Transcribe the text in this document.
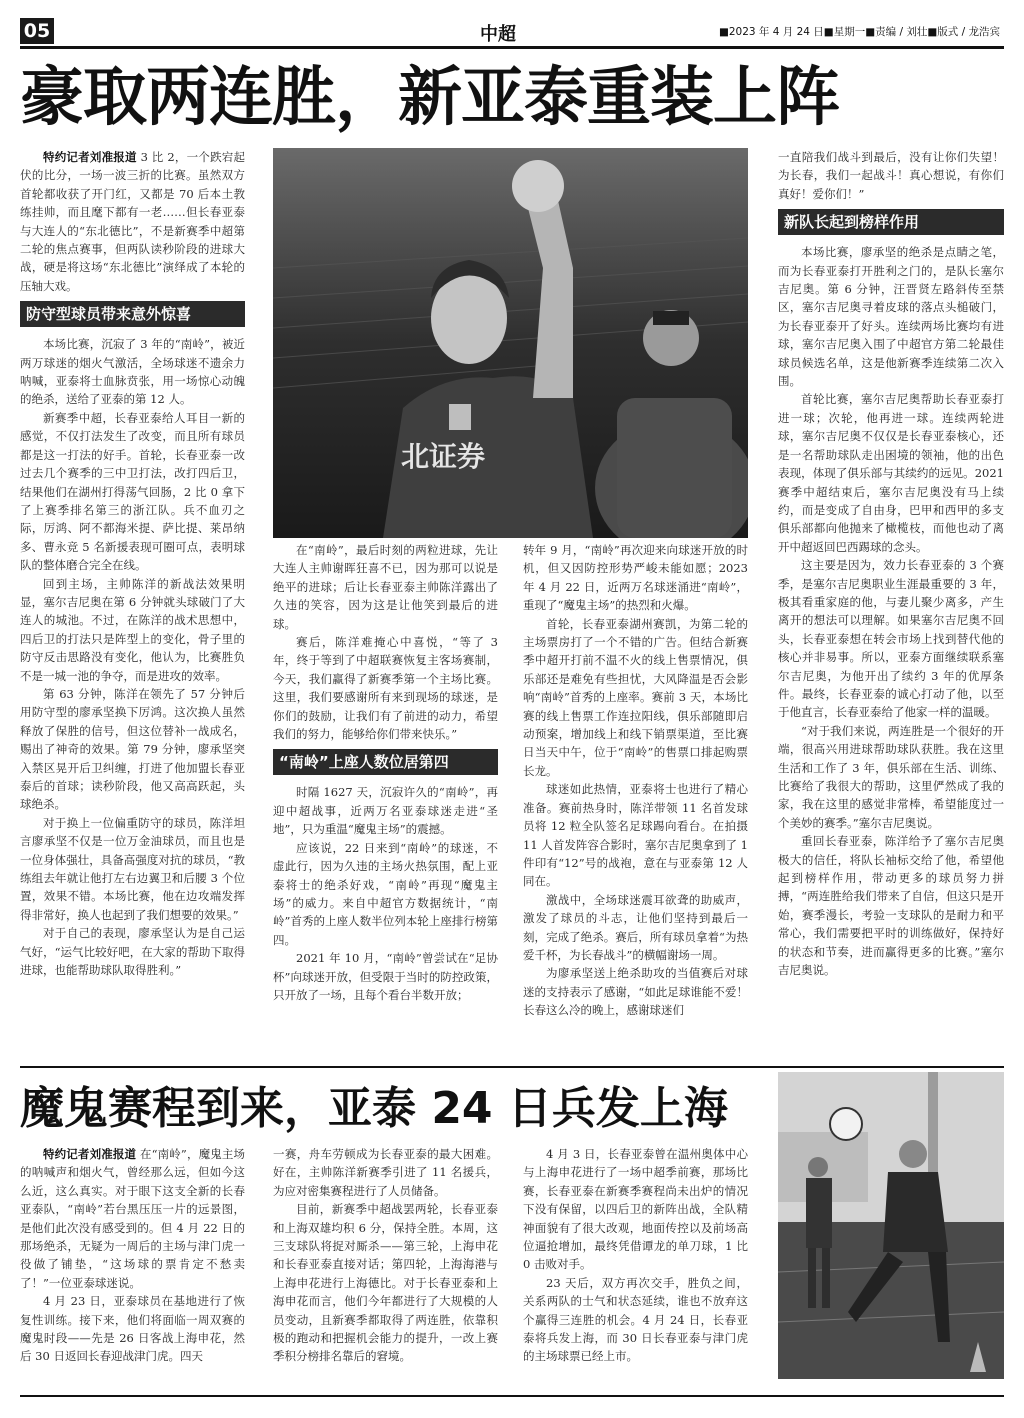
05	中超	■2023 年 4 月 24 日■星期一■责编 / 刘壮■版式 / 龙浩宾
豪取两连胜，新亚泰重装上阵

特约记者刘准报道 3 比 2，一个跌宕起伏的比分，一场一波三折的比赛。虽然双方首轮都收获了开门红，又都是 70 后本土教练挂帅，而且麾下都有一老……但长春亚泰与大连人的“东北德比”，不是新赛季中超第二轮的焦点赛事，但两队读秒阶段的进球大战，硬是将这场“东北德比”演绎成了本轮的压轴大戏。

防守型球员带来意外惊喜

本场比赛，沉寂了 3 年的“南岭”，被近两万球迷的烟火气激活，全场球迷不遗余力呐喊，亚泰将士血脉贲张，用一场惊心动魄的绝杀，送给了亚泰的第 12 人。

新赛季中超，长春亚泰给人耳目一新的感觉，不仅打法发生了改变，而且所有球员都是这一打法的好手。首轮，长春亚泰一改过去几个赛季的三中卫打法，改打四后卫，结果他们在湖州打得荡气回肠，2 比 0 拿下了上赛季排名第三的浙江队。兵不血刃之际，厉鸿、阿不都海米提、萨比提、莱昂纳多、曹永竞 5 名新援表现可圈可点，表明球队的整体磨合完全在线。

回到主场，主帅陈洋的新战法效果明显，塞尔吉尼奥在第 6 分钟就头球破门了大连人的城池。不过，在陈洋的战术思想中，四后卫的打法只是阵型上的变化，骨子里的防守反击思路没有变化，他认为，比赛胜负不是一城一池的争夺，而是进攻的效率。

第 63 分钟，陈洋在领先了 57 分钟后用防守型的廖承坚换下厉鸿。这次换人虽然释放了保胜的信号，但这位替补一战成名，赐出了神奇的效果。第 79 分钟，廖承坚突入禁区晃开后卫纠缠，打进了他加盟长春亚泰后的首球；读秒阶段，他又高高跃起，头球绝杀。

对于换上一位偏重防守的球员，陈洋坦言廖承坚不仅是一位万金油球员，而且也是一位身体强壮，具备高强度对抗的球员，“教练组去年就让他打左右边翼卫和后腰 3 个位置，效果不错。本场比赛，他在边攻端发挥得非常好，换人也起到了我们想要的效果。”

对于自己的表现，廖承坚认为是自己运气好，“运气比较好吧，在大家的帮助下取得进球，也能帮助球队取得胜利。”

北证券

在“南岭”，最后时刻的两粒进球，先让大连人主帅谢晖狂喜不已，因为那可以说是绝平的进球；后让长春亚泰主帅陈洋露出了久违的笑容，因为这是让他笑到最后的进球。

赛后，陈洋难掩心中喜悦，“等了 3 年，终于等到了中超联赛恢复主客场赛制，今天，我们赢得了新赛季第一个主场比赛。这里，我们要感谢所有来到现场的球迷，是你们的鼓励，让我们有了前进的动力，希望我们的努力，能够给你们带来快乐。”

“南岭”上座人数位居第四

时隔 1627 天，沉寂许久的“南岭”，再迎中超战事，近两万名亚泰球迷走进“圣地”，只为重温“魔鬼主场”的震撼。

应该说，22 日来到“南岭”的球迷，不虚此行，因为久违的主场火热氛围，配上亚泰将士的绝杀好戏，“南岭”再现“魔鬼主场”的威力。来自中超官方数据统计，“南岭”首秀的上座人数半位列本轮上座排行榜第四。

2021 年 10 月，“南岭”曾尝试在“足协杯”向球迷开放，但受限于当时的防控政策，只开放了一场，且每个看台半数开放；

转年 9 月，“南岭”再次迎来向球迷开放的时机，但又因防控形势严峻未能如愿；2023 年 4 月 22 日，近两万名球迷涌进“南岭”，重现了“魔鬼主场”的热烈和火爆。

首轮，长春亚泰湖州赛凯，为第二轮的主场票房打了一个不错的广告。但结合新赛季中超开打前不温不火的线上售票情况，俱乐部还是难免有些担忧，大风降温是否会影响“南岭”首秀的上座率。赛前 3 天，本场比赛的线上售票工作连拉阳线，俱乐部随即启动预案，增加线上和线下销票渠道，至比赛日当天中午，位于“南岭”的售票口排起购票长龙。

球迷如此热情，亚泰将士也进行了精心准备。赛前热身时，陈洋带领 11 名首发球员将 12 粒全队签名足球踢向看台。在拍摄 11 人首发阵容合影时，塞尔吉尼奥拿到了 1 件印有“12”号的战袍，意在与亚泰第 12 人同在。

激战中，全场球迷震耳欲聋的助威声，激发了球员的斗志，让他们坚持到最后一刻，完成了绝杀。赛后，所有球员拿着“为热爱千杯，为长春战斗”的横幅谢场一周。

为廖承坚送上绝杀助攻的当值赛后对球迷的支持表示了感谢，“如此足球谁能不爱！长春这么冷的晚上，感谢球迷们

一直陪我们战斗到最后，没有让你们失望！为长春，我们一起战斗！真心想说，有你们真好！爱你们！”

新队长起到榜样作用

本场比赛，廖承坚的绝杀是点睛之笔，而为长春亚泰打开胜利之门的，是队长塞尔吉尼奥。第 6 分钟，汪晋贤左路斜传至禁区，塞尔吉尼奥寻着皮球的落点头槌破门，为长春亚泰开了好头。连续两场比赛均有进球，塞尔吉尼奥入围了中超官方第二轮最佳球员候选名单，这是他新赛季连续第二次入围。

首轮比赛，塞尔吉尼奥帮助长春亚泰打进一球；次轮，他再进一球。连续两轮进球，塞尔吉尼奥不仅仅是长春亚泰核心，还是一名帮助球队走出困境的领袖，他的出色表现，体现了俱乐部与其续约的远见。2021 赛季中超结束后，塞尔吉尼奥没有马上续约，而是变成了自由身，巴甲和西甲的多支俱乐部都向他抛来了橄榄枝，而他也动了离开中超返回巴西踢球的念头。

这主要是因为，效力长春亚泰的 3 个赛季，是塞尔吉尼奥职业生涯最重要的 3 年，极其看重家庭的他，与妻儿聚少离多，产生离开的想法可以理解。如果塞尔吉尼奥不回头，长春亚泰想在转会市场上找到替代他的核心并非易事。所以，亚泰方面继续联系塞尔吉尼奥，为他开出了续约 3 年的优厚条件。最终，长春亚泰的诚心打动了他，以至于他直言，长春亚泰给了他家一样的温暖。

“对于我们来说，两连胜是一个很好的开端，很高兴用进球帮助球队获胜。我在这里生活和工作了 3 年，俱乐部在生活、训练、比赛给了我很大的帮助，这里俨然成了我的家，我在这里的感觉非常棒，希望能度过一个美妙的赛季。”塞尔吉尼奥说。

重回长春亚泰，陈洋给予了塞尔吉尼奥极大的信任，将队长袖标交给了他，希望他起到榜样作用，带动更多的球员努力拼搏，“两连胜给我们带来了自信，但这只是开始，赛季漫长，考验一支球队的是耐力和平常心，我们需要把平时的训练做好，保持好的状态和节奏，进而赢得更多的比赛。”塞尔吉尼奥说。

魔鬼赛程到来，亚泰 24 日兵发上海

特约记者刘准报道 在“南岭”，魔鬼主场的呐喊声和烟火气，曾经那么远，但如今这么近，这么真实。对于眼下这支全新的长春亚泰队，“南岭”若台黑压压一片的远景图，是他们此次没有感受到的。但 4 月 22 日的那场绝杀，无疑为一周后的主场与津门虎一役做了铺垫，“这场球的票肯定不愁卖了！”一位亚泰球迷说。

4 月 23 日，亚泰球员在基地进行了恢复性训练。接下来，他们将面临一周双赛的魔鬼时段——先是 26 日客战上海申花，然后 30 日返回长春迎战津门虎。四天

一赛，舟车劳顿成为长春亚泰的最大困难。好在，主帅陈洋新赛季引进了 11 名援兵，为应对密集赛程进行了人员储备。

目前，新赛季中超战罢两轮，长春亚泰和上海双雄均积 6 分，保持全胜。本周，这三支球队将捉对厮杀——第三轮，上海申花和长春亚泰直接对话；第四轮，上海海港与上海申花进行上海德比。对于长春亚泰和上海申花而言，他们今年都进行了大规模的人员变动，且新赛季都取得了两连胜，依靠积极的跑动和把握机会能力的提升，一改上赛季积分榜排名靠后的窘境。

4 月 3 日，长春亚泰曾在温州奥体中心与上海申花进行了一场中超季前赛，那场比赛，长春亚泰在新赛季赛程尚未出炉的情况下没有保留，以四后卫的新阵出战，全队精神面貌有了很大改观，地面传控以及前场高位逼抢增加，最终凭借谭龙的单刀球，1 比 0 击败对手。

23 天后，双方再次交手，胜负之间，关系两队的士气和状态延续，谁也不放弃这个赢得三连胜的机会。4 月 24 日，长春亚泰将兵发上海，而 30 日长春亚泰与津门虎的主场球票已经上市。
